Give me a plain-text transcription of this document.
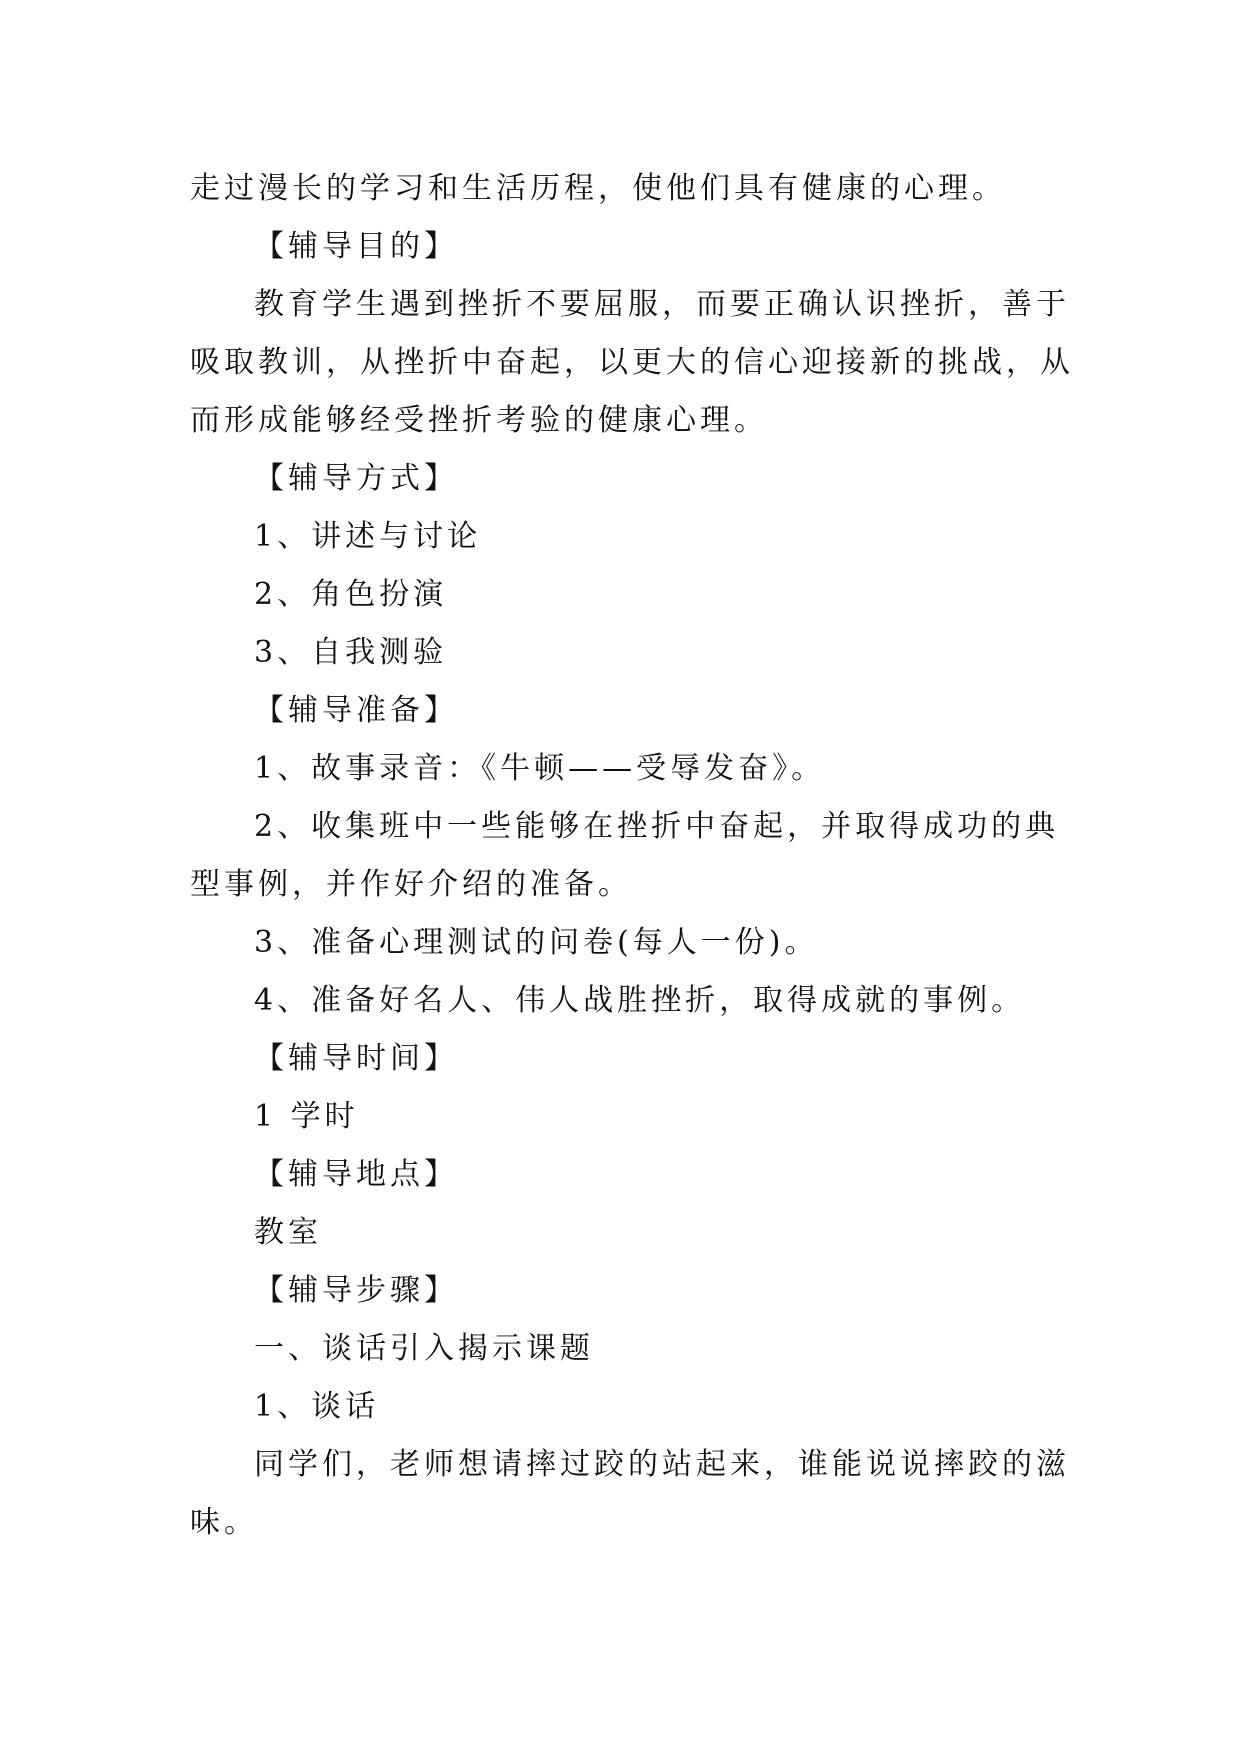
走过漫长的学习和生活历程，使他们具有健康的心理。
【辅导目的】
教育学生遇到挫折不要屈服，而要正确认识挫折，善于
吸取教训，从挫折中奋起，以更大的信心迎接新的挑战，从
而形成能够经受挫折考验的健康心理。
【辅导方式】
1、讲述与讨论
2、角色扮演
3、自我测验
【辅导准备】
1、故事录音：《牛顿——受辱发奋》。
2、收集班中一些能够在挫折中奋起，并取得成功的典
型事例，并作好介绍的准备。
3、准备心理测试的问卷(每人一份)。
4、准备好名人、伟人战胜挫折，取得成就的事例。
【辅导时间】
1 学时
【辅导地点】
教室
【辅导步骤】
一、谈话引入揭示课题
1、谈话
同学们，老师想请摔过跤的站起来，谁能说说摔跤的滋
味。
